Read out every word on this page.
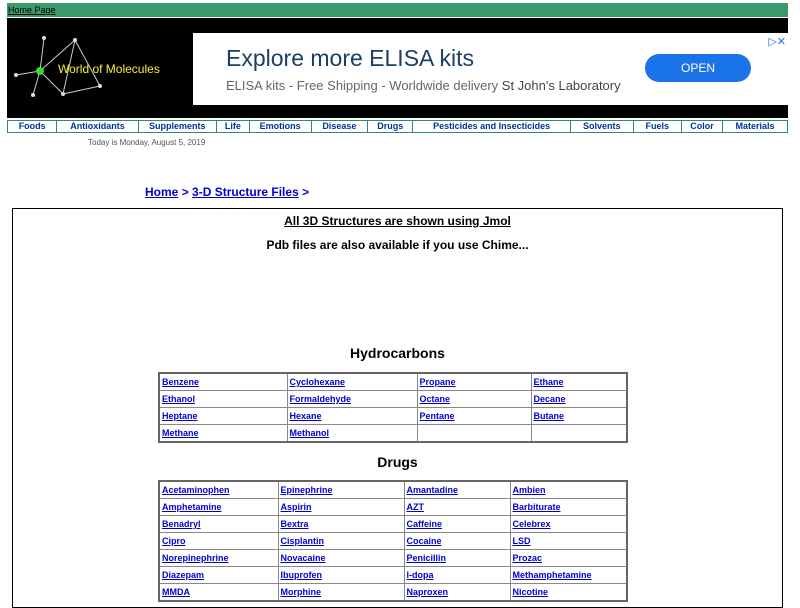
Home Page
World of Molecules
▷✕
Explore more ELISA kits
ELISA kits - Free Shipping - Worldwide delivery St John's Laboratory
OPEN
Foods	Antioxidants	Supplements	Life	Emotions	Disease	Drugs	Pesticides and Insecticides	Solvents	Fuels	Color	Materials
Today is Monday, August 5, 2019
Home > 3-D Structure Files >
All 3D Structures are shown using Jmol
Pdb files are also available if you use Chime...
Hydrocarbons
Benzene	Cyclohexane	Propane	Ethane
Ethanol	Formaldehyde	Octane	Decane
Heptane	Hexane	Pentane	Butane
Methane	Methanol		
Drugs
Acetaminophen	Epinephrine	Amantadine	Ambien
Amphetamine	Aspirin	AZT	Barbiturate
Benadryl	Bextra	Caffeine	Celebrex
Cipro	Cisplantin	Cocaine	LSD
Norepinephrine	Novacaine	Penicillin	Prozac
Diazepam	Ibuprofen	l-dopa	Methamphetamine
MMDA	Morphine	Naproxen	Nicotine
